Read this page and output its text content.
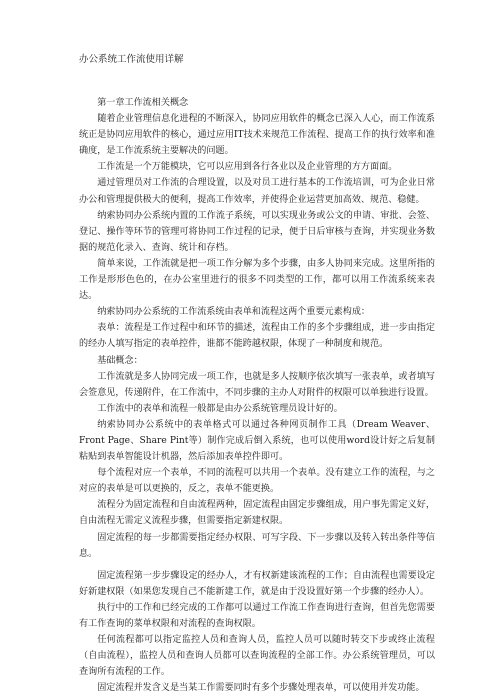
办公系统工作流使用详解

第一章工作流相关概念

随着企业管理信息化进程的不断深入，协同应用软件的概念已深入人心，而工作流系统正是协同应用软件的核心，通过应用IT技术来规范工作流程、提高工作的执行效率和准确度，是工作流系统主要解决的问题。

工作流是一个万能模块，它可以应用到各行各业以及企业管理的方方面面。

通过管理员对工作流的合理设置，以及对员工进行基本的工作流培训，可为企业日常办公和管理提供极大的便利，提高工作效率，并使得企业运营更加高效、规范、稳健。

纳索协同办公系统内置的工作流子系统，可以实现业务或公文的申请、审批、会签、登记、操作等环节的管理可将协同工作过程的记录，便于日后审核与查询，并实现业务数据的规范化录入、查询、统计和存档。

简单来说，工作流就是把一项工作分解为多个步骤，由多人协同来完成。这里所指的工作是形形色色的，在办公室里进行的很多不同类型的工作，都可以用工作流系统来表达。

纳索协同办公系统的工作流系统由表单和流程这两个重要元素构成：

表单：流程是工作过程中和环节的描述，流程由工作的多个步骤组成，进一步由指定的经办人填写指定的表单控件，谁都不能跨越权限，体现了一种制度和规范。

基础概念：

工作流就是多人协同完成一项工作，也就是多人按顺序依次填写一张表单，或者填写会签意见，传递附件，在工作流中，不同步骤的主办人对附件的权限可以单独进行设置。

工作流中的表单和流程一般都是由办公系统管理员设计好的。

纳索协同办公系统中的表单格式可以通过各种网页制作工具（Dream Weaver、Front Page、Share Pint等）制作完成后倒入系统，也可以使用word设计好之后复制粘贴到表单智能设计机器，然后添加表单控件即可。

每个流程对应一个表单，不同的流程可以共用一个表单。没有建立工作的流程，与之对应的表单是可以更换的，反之，表单不能更换。

流程分为固定流程和自由流程两种，固定流程由固定步骤组成，用户事先需定义好，自由流程无需定义流程步骤，但需要指定新建权限。

固定流程的每一步都需要指定经办权限、可写字段、下一步骤以及转入转出条件等信息。

固定流程第一步步骤设定的经办人，才有权新建该流程的工作；自由流程也需要设定好新建权限（如果您发现自己不能新建工作，就是由于没设置好第一个步骤的经办人）。

执行中的工作和已经完成的工作都可以通过工作流工作查询进行查询，但首先您需要有工作查询的菜单权限和对流程的查询权限。

任何流程都可以指定监控人员和查询人员，监控人员可以随时转交下步或终止流程（自由流程），监控人员和查询人员都可以查询流程的全部工作。办公系统管理员，可以查询所有流程的工作。

固定流程并发含义是当某工作需要同时有多个步骤处理表单，可以使用并发功能。
